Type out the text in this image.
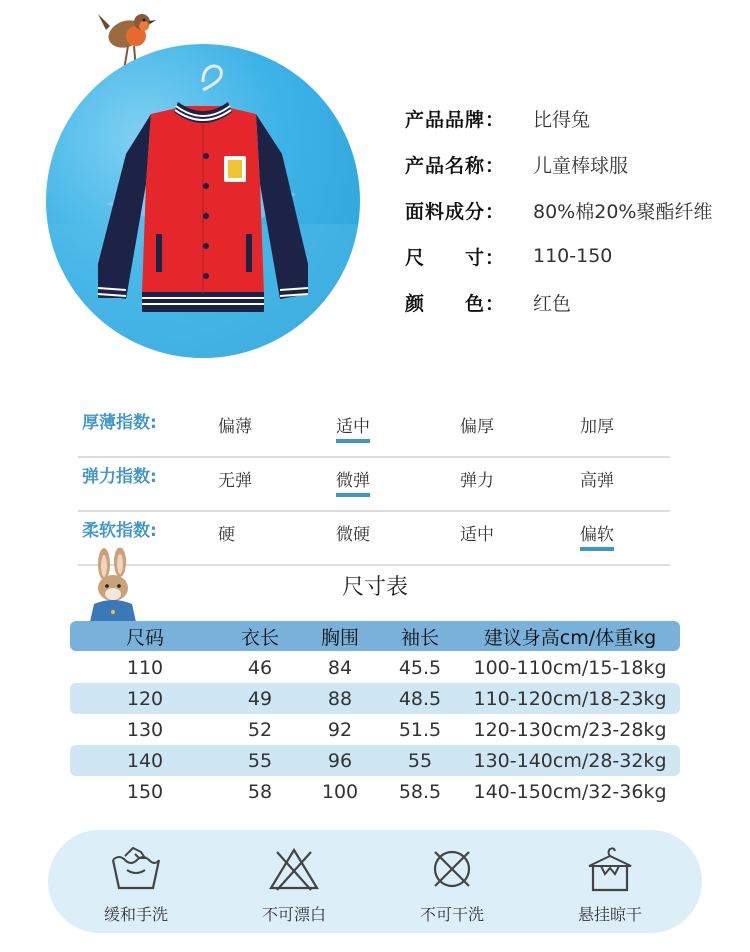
产品品牌：	比得兔
产品名称：	儿童棒球服
面料成分：	80%棉20%聚酯纤维
尺 寸： 110-150
颜 色： 红色
厚薄指数:	偏薄	适中	偏厚	加厚
弹力指数:	无弹	微弹	弹力	高弹
柔软指数:	硬	微硬	适中	偏软
尺寸表
尺码	衣长	胸围	袖长	建议身高cm/体重kg
110	46	84	45.5	100-110cm/15-18kg
120	49	88	48.5	110-120cm/18-23kg
130	52	92	51.5	120-130cm/23-28kg
140	55	96	55	130-140cm/28-32kg
150	58	100	58.5	140-150cm/32-36kg
缓和手洗	不可漂白	不可干洗	悬挂晾干
